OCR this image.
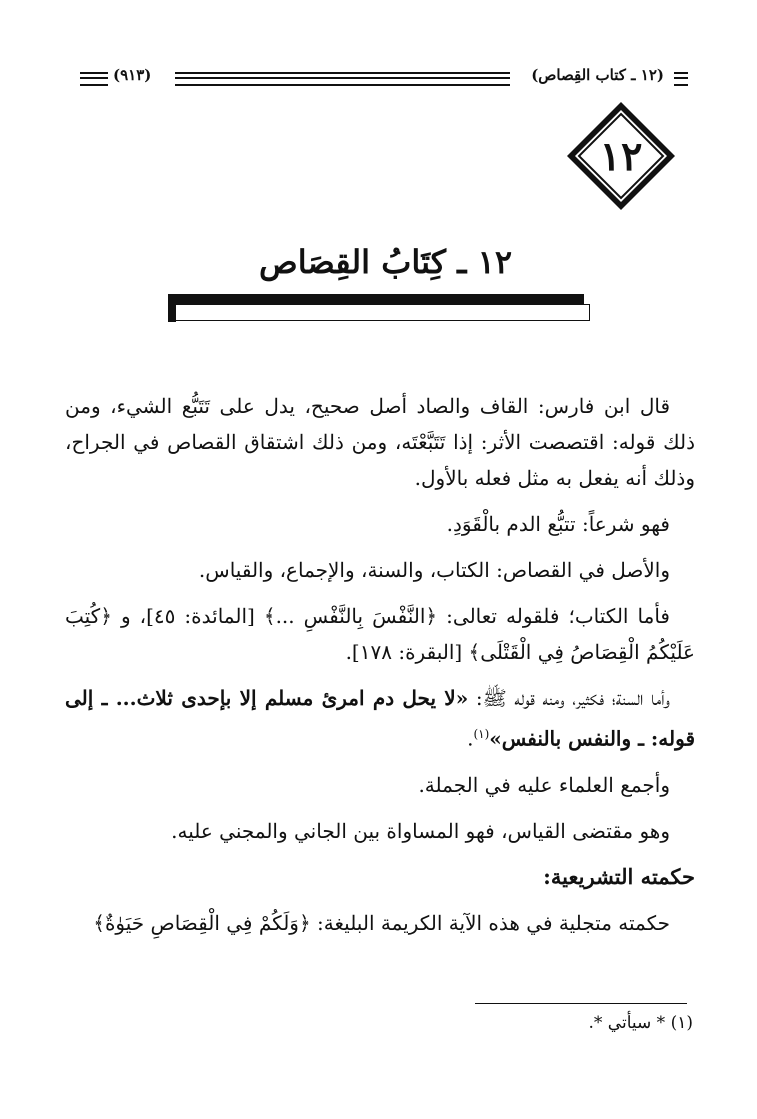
(١٢ ـ كتاب القِصاص)
(٩١٣)
١٢
١٢ ـ كِتَابُ القِصَاص

قال ابن فارس: القاف والصاد أصل صحيح، يدل على تَتَبُّع الشيء، ومن ذلك قوله: اقتصصت الأثر: إذا تَتَبَّعْتَه، ومن ذلك اشتقاق القصاص في الجراح، وذلك أنه يفعل به مثل فعله بالأول.

فهو شرعاً: تتبُّع الدم بالْقَوَدِ.

والأصل في القصاص: الكتاب، والسنة، والإجماع، والقياس.

فأما الكتاب؛ فلقوله تعالى: ﴿النَّفْسَ بِالنَّفْسِ ...﴾ [المائدة: ٤٥]، و ﴿كُتِبَ عَلَيْكُمُ الْقِصَاصُ فِي الْقَتْلَى﴾ [البقرة: ١٧٨].

وأما السنة؛ فكثير، ومنه قوله ﷺ: «لا يحل دم امرئ مسلم إلا بإحدى ثلاث... ـ إلى قوله: ـ والنفس بالنفس»$^{(١)}$.

وأجمع العلماء عليه في الجملة.

وهو مقتضى القياس، فهو المساواة بين الجاني والمجني عليه.

حكمته التشريعية:

حكمته متجلية في هذه الآية الكريمة البليغة: ﴿وَلَكُمْ فِي الْقِصَاصِ حَيَوٰةٌ﴾

(١) * سيأتي *.
